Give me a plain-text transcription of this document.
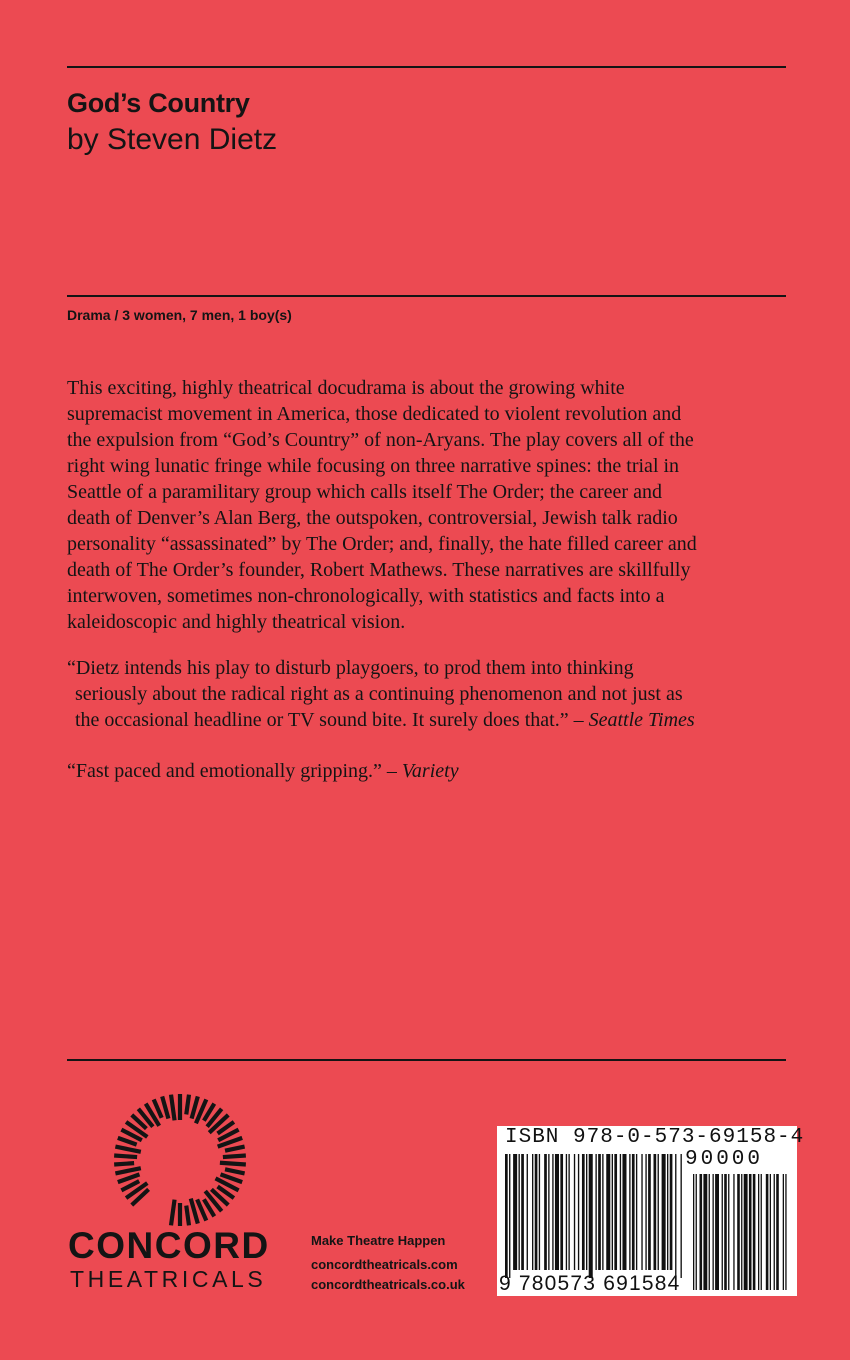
God’s Country
by Steven Dietz
Drama / 3 women, 7 men, 1 boy(s)
This exciting, highly theatrical docudrama is about the growing white
supremacist movement in America, those dedicated to violent revolution and
the expulsion from “God’s Country” of non-Aryans. The play covers all of the
right wing lunatic fringe while focusing on three narrative spines: the trial in
Seattle of a paramilitary group which calls itself The Order; the career and
death of Denver’s Alan Berg, the outspoken, controversial, Jewish talk radio
personality “assassinated” by The Order; and, finally, the hate filled career and
death of The Order’s founder, Robert Mathews. These narratives are skillfully
interwoven, sometimes non-chronologically, with statistics and facts into a
kaleidoscopic and highly theatrical vision.
“Dietz intends his play to disturb playgoers, to prod them into thinking
seriously about the radical right as a continuing phenomenon and not just as
the occasional headline or TV sound bite. It surely does that.” – Seattle Times
“Fast paced and emotionally gripping.” – Variety
CONCORD
THEATRICALS
Make Theatre Happen
concordtheatricals.com
concordtheatricals.co.uk
ISBN 978-0-573-69158-4
90000
9 780573 691584
